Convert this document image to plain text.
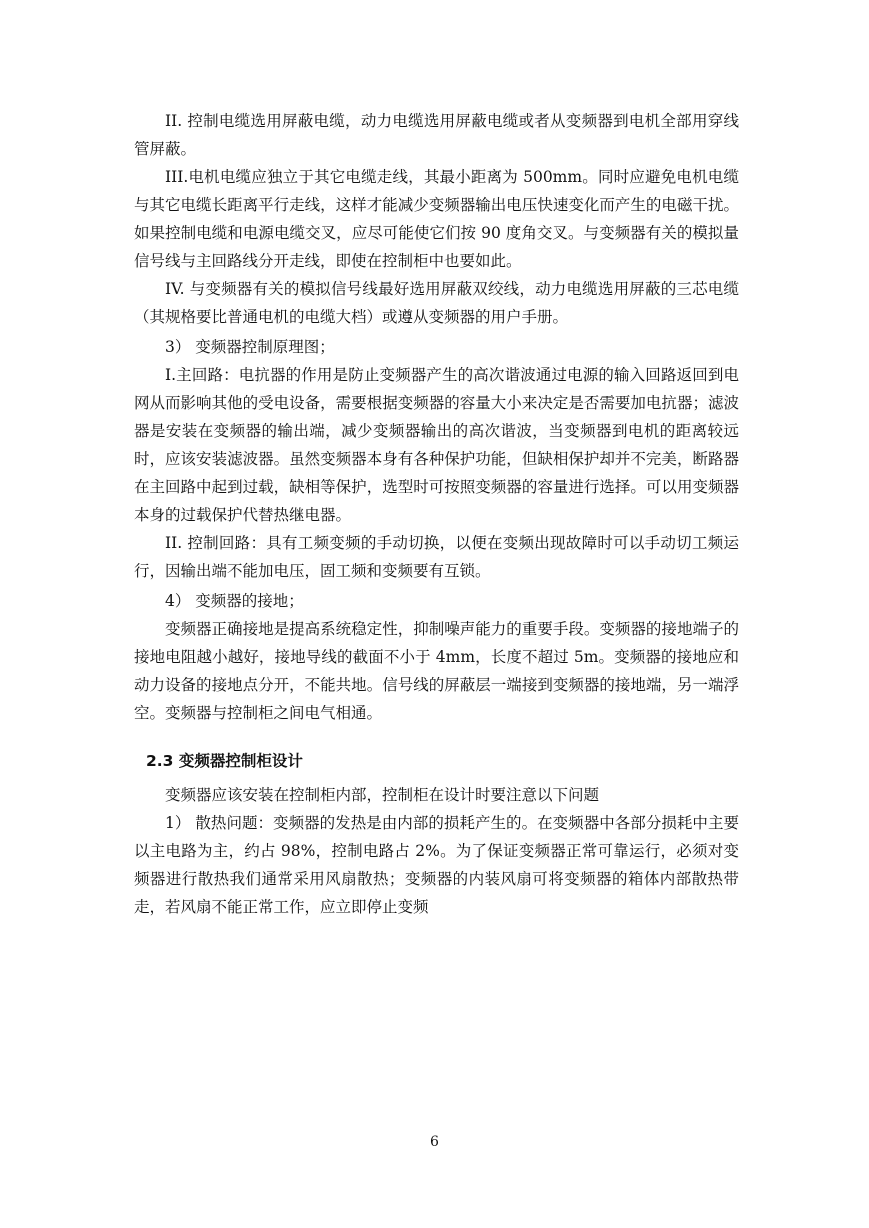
II. 控制电缆选用屏蔽电缆，动力电缆选用屏蔽电缆或者从变频器到电机全部用穿线管屏蔽。

III.电机电缆应独立于其它电缆走线，其最小距离为 500mm。同时应避免电机电缆与其它电缆长距离平行走线，这样才能减少变频器输出电压快速变化而产生的电磁干扰。如果控制电缆和电源电缆交叉，应尽可能使它们按 90 度角交叉。与变频器有关的模拟量信号线与主回路线分开走线，即使在控制柜中也要如此。

IV. 与变频器有关的模拟信号线最好选用屏蔽双绞线，动力电缆选用屏蔽的三芯电缆（其规格要比普通电机的电缆大档）或遵从变频器的用户手册。

3） 变频器控制原理图；

I.主回路：电抗器的作用是防止变频器产生的高次谐波通过电源的输入回路返回到电网从而影响其他的受电设备，需要根据变频器的容量大小来决定是否需要加电抗器；滤波器是安装在变频器的输出端，减少变频器输出的高次谐波，当变频器到电机的距离较远时，应该安装滤波器。虽然变频器本身有各种保护功能，但缺相保护却并不完美，断路器在主回路中起到过载，缺相等保护，选型时可按照变频器的容量进行选择。可以用变频器本身的过载保护代替热继电器。

II. 控制回路：具有工频变频的手动切换，以便在变频出现故障时可以手动切工频运行，因输出端不能加电压，固工频和变频要有互锁。

4） 变频器的接地；

变频器正确接地是提高系统稳定性，抑制噪声能力的重要手段。变频器的接地端子的接地电阻越小越好，接地导线的截面不小于 4mm，长度不超过 5m。变频器的接地应和动力设备的接地点分开，不能共地。信号线的屏蔽层一端接到变频器的接地端，另一端浮空。变频器与控制柜之间电气相通。

2.3 变频器控制柜设计

变频器应该安装在控制柜内部，控制柜在设计时要注意以下问题

1） 散热问题：变频器的发热是由内部的损耗产生的。在变频器中各部分损耗中主要以主电路为主，约占 98%，控制电路占 2%。为了保证变频器正常可靠运行，必须对变频器进行散热我们通常采用风扇散热；变频器的内装风扇可将变频器的箱体内部散热带走，若风扇不能正常工作，应立即停止变频

6
